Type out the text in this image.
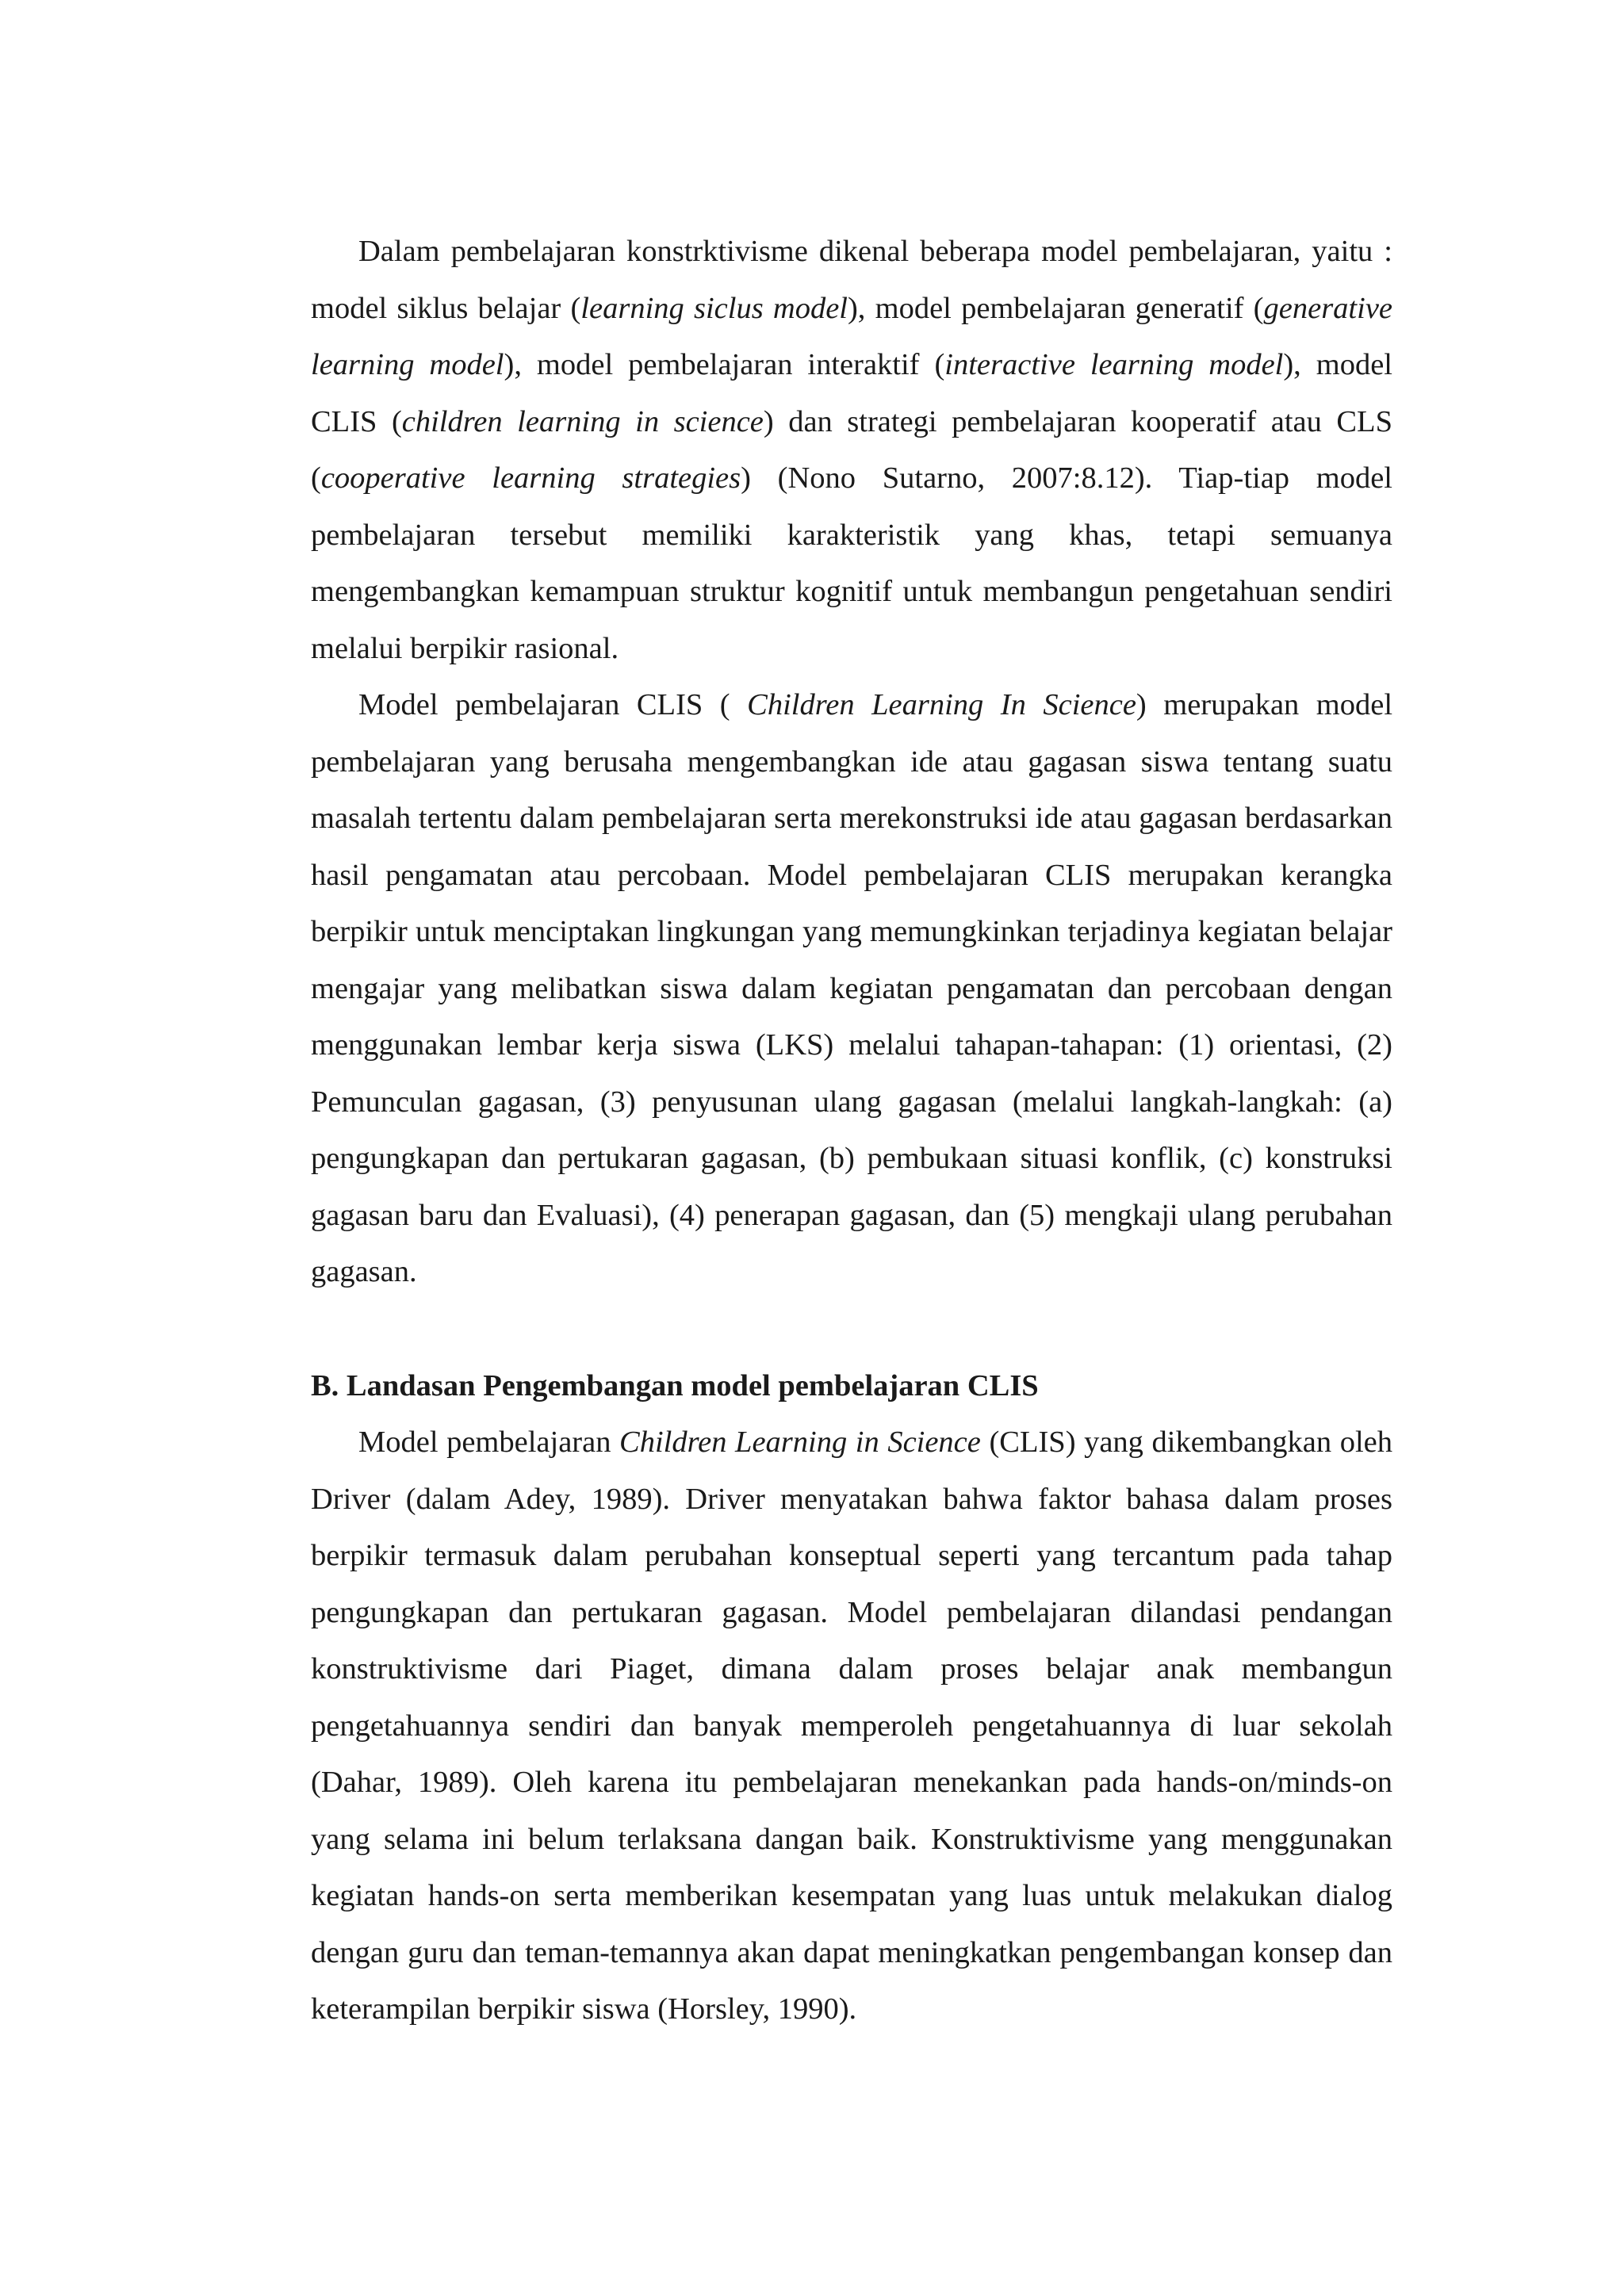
Dalam pembelajaran konstrktivisme dikenal beberapa model pembelajaran, yaitu : model siklus belajar (learning siclus model), model pembelajaran generatif (generative learning model), model pembelajaran interaktif (interactive learning model), model CLIS (children learning in science) dan strategi pembelajaran kooperatif atau CLS (cooperative learning strategies) (Nono Sutarno, 2007:8.12). Tiap-tiap model pembelajaran tersebut memiliki karakteristik yang khas, tetapi semuanya mengembangkan kemampuan struktur kognitif untuk membangun pengetahuan sendiri melalui berpikir rasional.

Model pembelajaran CLIS ( Children Learning In Science) merupakan model pembelajaran yang berusaha mengembangkan ide atau gagasan siswa tentang suatu masalah tertentu dalam pembelajaran serta merekonstruksi ide atau gagasan berdasarkan hasil pengamatan atau percobaan. Model pembelajaran CLIS merupakan kerangka berpikir untuk menciptakan lingkungan yang memungkinkan terjadinya kegiatan belajar mengajar yang melibatkan siswa dalam kegiatan pengamatan dan percobaan dengan menggunakan lembar kerja siswa (LKS) melalui tahapan-tahapan: (1) orientasi, (2) Pemunculan gagasan, (3) penyusunan ulang gagasan (melalui langkah-langkah: (a) pengungkapan dan pertukaran gagasan, (b) pembukaan situasi konflik, (c) konstruksi gagasan baru dan Evaluasi), (4) penerapan gagasan, dan (5) mengkaji ulang perubahan gagasan.

B. Landasan Pengembangan model pembelajaran CLIS

Model pembelajaran Children Learning in Science (CLIS) yang dikembangkan oleh Driver (dalam Adey, 1989). Driver menyatakan bahwa faktor bahasa dalam proses berpikir termasuk dalam perubahan konseptual seperti yang tercantum pada tahap pengungkapan dan pertukaran gagasan. Model pembelajaran dilandasi pendangan konstruktivisme dari Piaget, dimana dalam proses belajar anak membangun pengetahuannya sendiri dan banyak memperoleh pengetahuannya di luar sekolah (Dahar, 1989). Oleh karena itu pembelajaran menekankan pada hands-on/minds-on yang selama ini belum terlaksana dangan baik. Konstruktivisme yang menggunakan kegiatan hands-on serta memberikan kesempatan yang luas untuk melakukan dialog dengan guru dan teman-temannya akan dapat meningkatkan pengembangan konsep dan keterampilan berpikir siswa (Horsley, 1990).
